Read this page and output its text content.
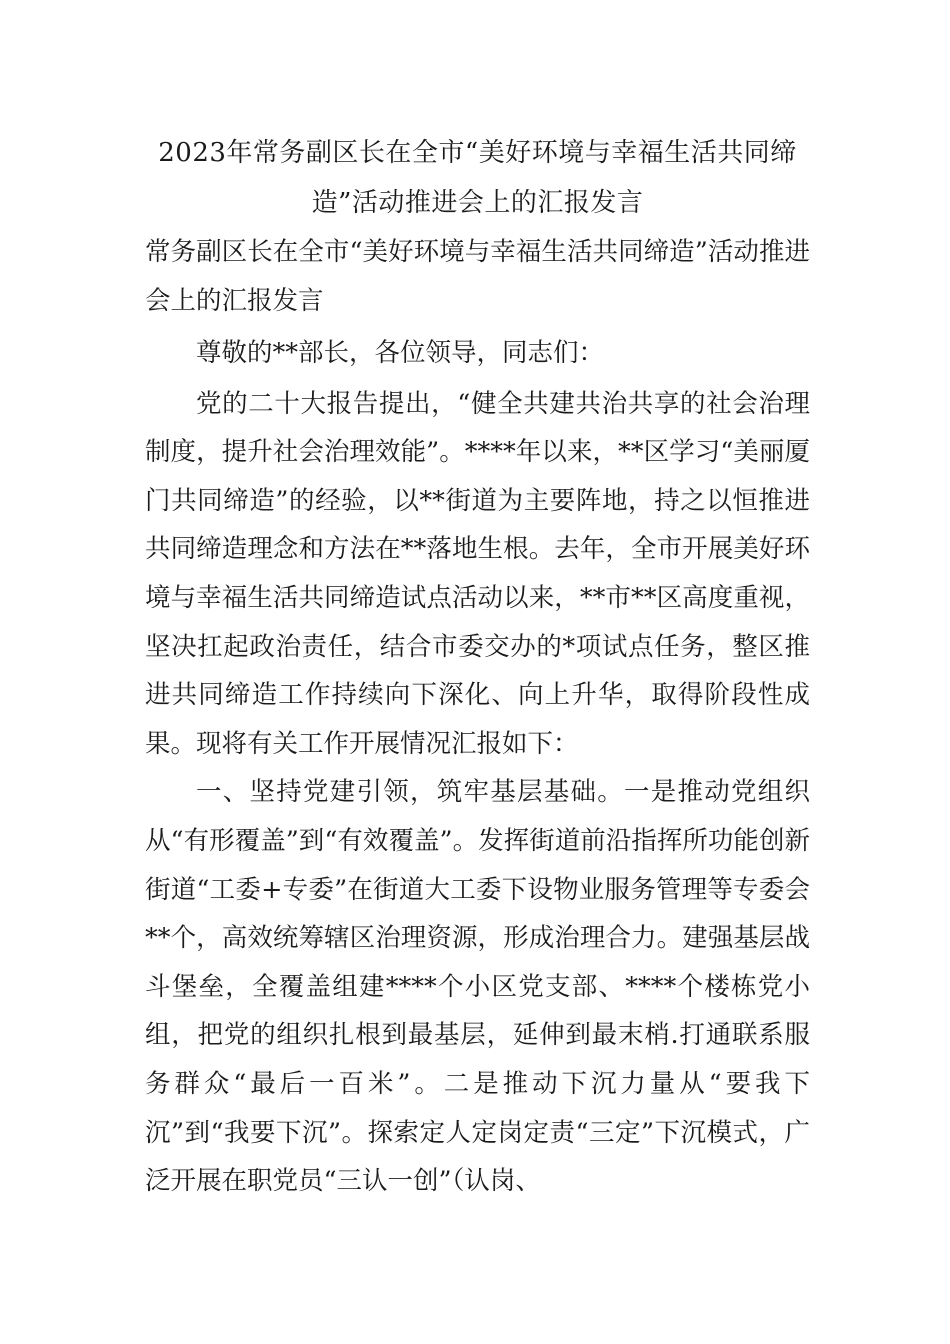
2023年常务副区长在全市“美好环境与幸福生活共同缔造”活动推进会上的汇报发言

常务副区长在全市“美好环境与幸福生活共同缔造”活动推进会上的汇报发言

尊敬的**部长，各位领导，同志们：

党的二十大报告提出，“健全共建共治共享的社会治理制度，提升社会治理效能”。****年以来，**区学习“美丽厦门共同缔造”的经验，以**街道为主要阵地，持之以恒推进共同缔造理念和方法在**落地生根。去年，全市开展美好环境与幸福生活共同缔造试点活动以来，**市**区高度重视，坚决扛起政治责任，结合市委交办的*项试点任务，整区推进共同缔造工作持续向下深化、向上升华，取得阶段性成果。现将有关工作开展情况汇报如下：

一、坚持党建引领，筑牢基层基础。一是推动党组织从“有形覆盖”到“有效覆盖”。发挥街道前沿指挥所功能创新街道“工委+专委”在街道大工委下设物业服务管理等专委会**个，高效统筹辖区治理资源，形成治理合力。建强基层战斗堡垒，全覆盖组建****个小区党支部、****个楼栋党小组，把党的组织扎根到最基层，延伸到最末梢.打通联系服务群众“最后一百米”。二是推动下沉力量从“要我下沉”到“我要下沉”。探索定人定岗定责“三定”下沉模式，广泛开展在职党员“三认一创”（认岗、
